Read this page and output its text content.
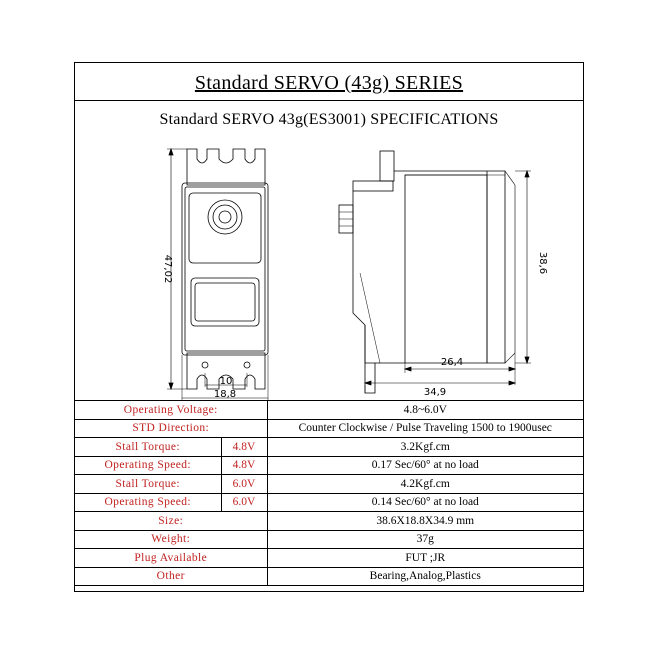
Standard SERVO (43g) SERIES
Standard SERVO 43g(ES3001) SPECIFICATIONS
47,02
10
18,8
38,6
26,4
34,9
Operating Voltage:		4.8~6.0V
STD Direction:		Counter Clockwise / Pulse Traveling 1500 to 1900usec
Stall Torque:	4.8V	3.2Kgf.cm
Operating Speed:	4.8V	0.17 Sec/60° at no load
Stall Torque:	6.0V	4.2Kgf.cm
Operating Speed:	6.0V	0.14 Sec/60° at no load
Size:		38.6X18.8X34.9 mm
Weight:		37g
Plug Available		FUT ;JR
Other		Bearing,Analog,Plastics
